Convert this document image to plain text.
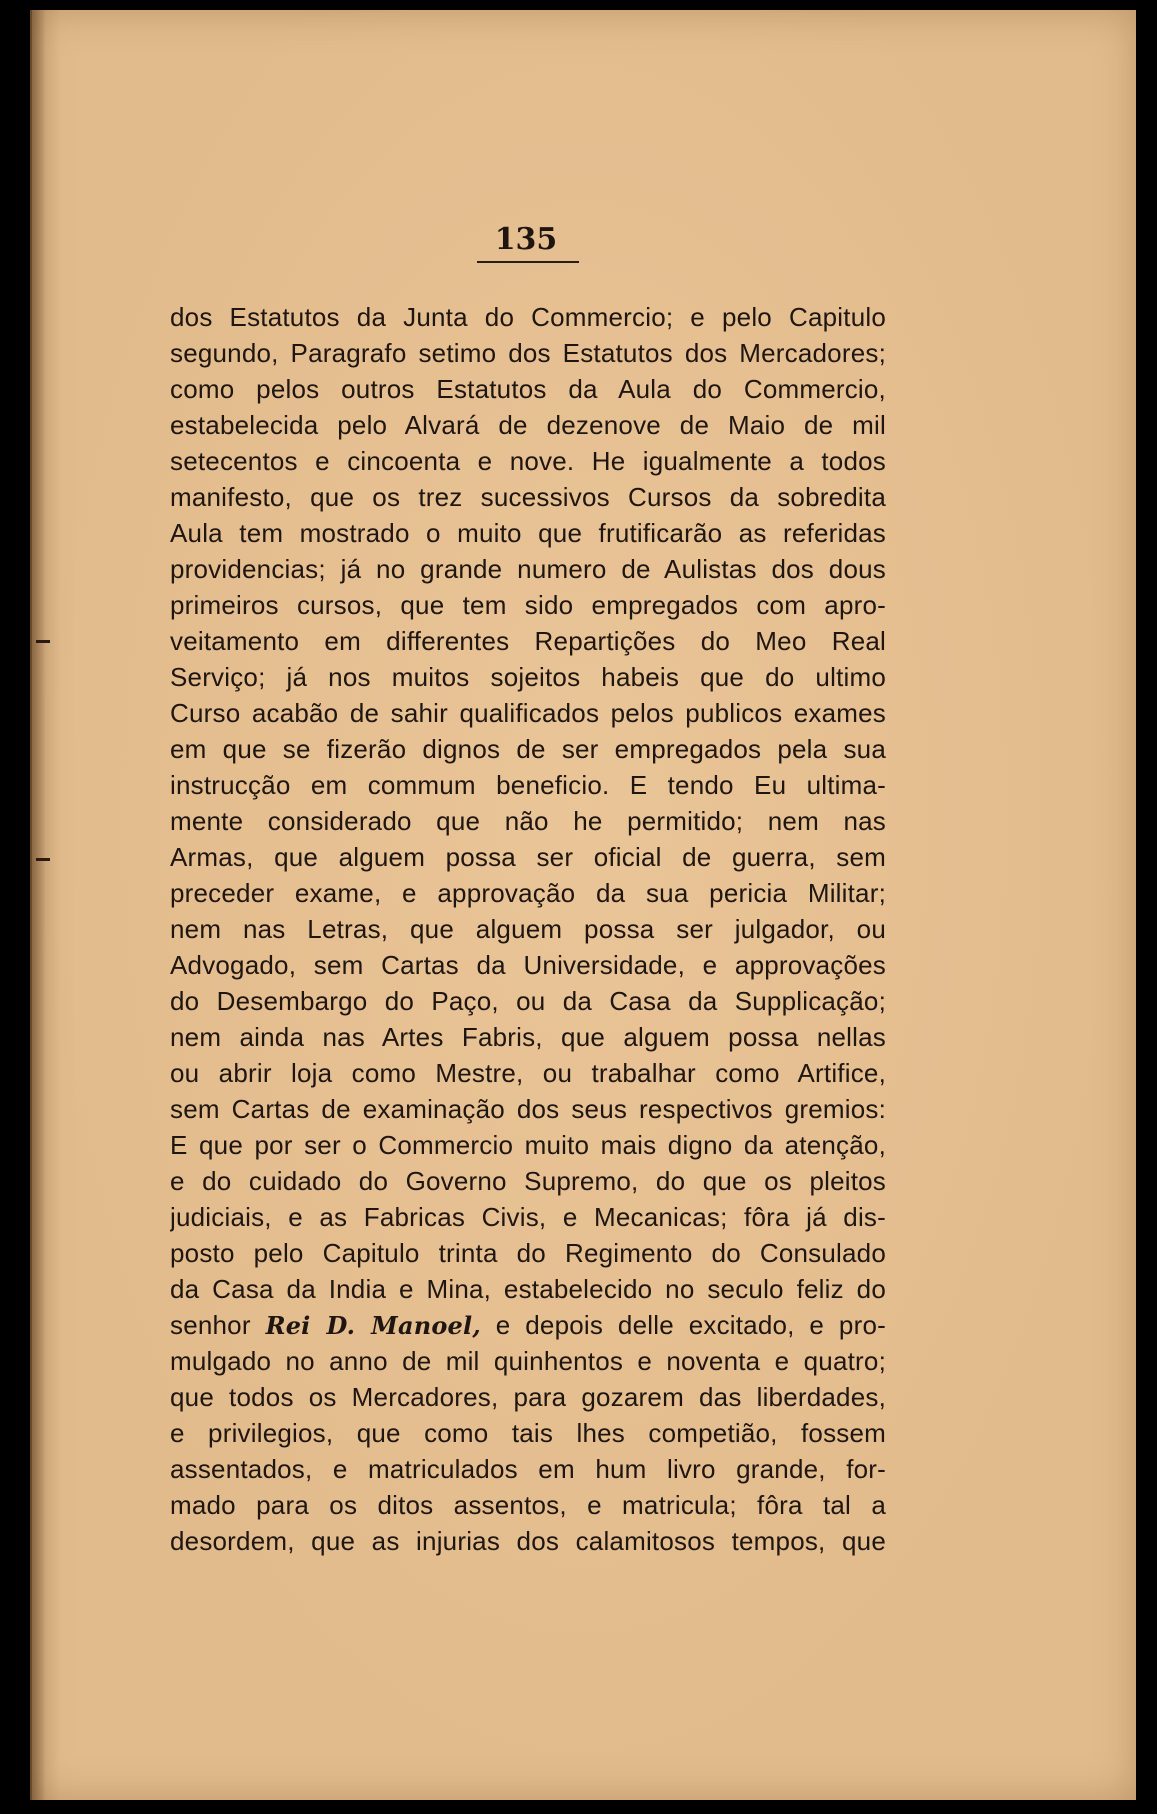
135
dos Estatutos da Junta do Commercio; e pelo Capitulo
segundo, Paragrafo setimo dos Estatutos dos Mercadores;
como pelos outros Estatutos da Aula do Commercio,
estabelecida pelo Alvará de dezenove de Maio de mil
setecentos e cincoenta e nove. He igualmente a todos
manifesto, que os trez sucessivos Cursos da sobredita
Aula tem mostrado o muito que frutificarão as referidas
providencias; já no grande numero de Aulistas dos dous
primeiros cursos, que tem sido empregados com apro-
veitamento em differentes Repartições do Meo Real
Serviço; já nos muitos sojeitos habeis que do ultimo
Curso acabão de sahir qualificados pelos publicos exames
em que se fizerão dignos de ser empregados pela sua
instrucção em commum beneficio. E tendo Eu ultima-
mente considerado que não he permitido; nem nas
Armas, que alguem possa ser oficial de guerra, sem
preceder exame, e approvação da sua pericia Militar;
nem nas Letras, que alguem possa ser julgador, ou
Advogado, sem Cartas da Universidade, e approvações
do Desembargo do Paço, ou da Casa da Supplicação;
nem ainda nas Artes Fabris, que alguem possa nellas
ou abrir loja como Mestre, ou trabalhar como Artifice,
sem Cartas de examinação dos seus respectivos gremios:
E que por ser o Commercio muito mais digno da atenção,
e do cuidado do Governo Supremo, do que os pleitos
judiciais, e as Fabricas Civis, e Mecanicas; fôra já dis-
posto pelo Capitulo trinta do Regimento do Consulado
da Casa da India e Mina, estabelecido no seculo feliz do
senhor Rei D. Manoel, e depois delle excitado, e pro-
mulgado no anno de mil quinhentos e noventa e quatro;
que todos os Mercadores, para gozarem das liberdades,
e privilegios, que como tais lhes competião, fossem
assentados, e matriculados em hum livro grande, for-
mado para os ditos assentos, e matricula; fôra tal a
desordem, que as injurias dos calamitosos tempos, que
